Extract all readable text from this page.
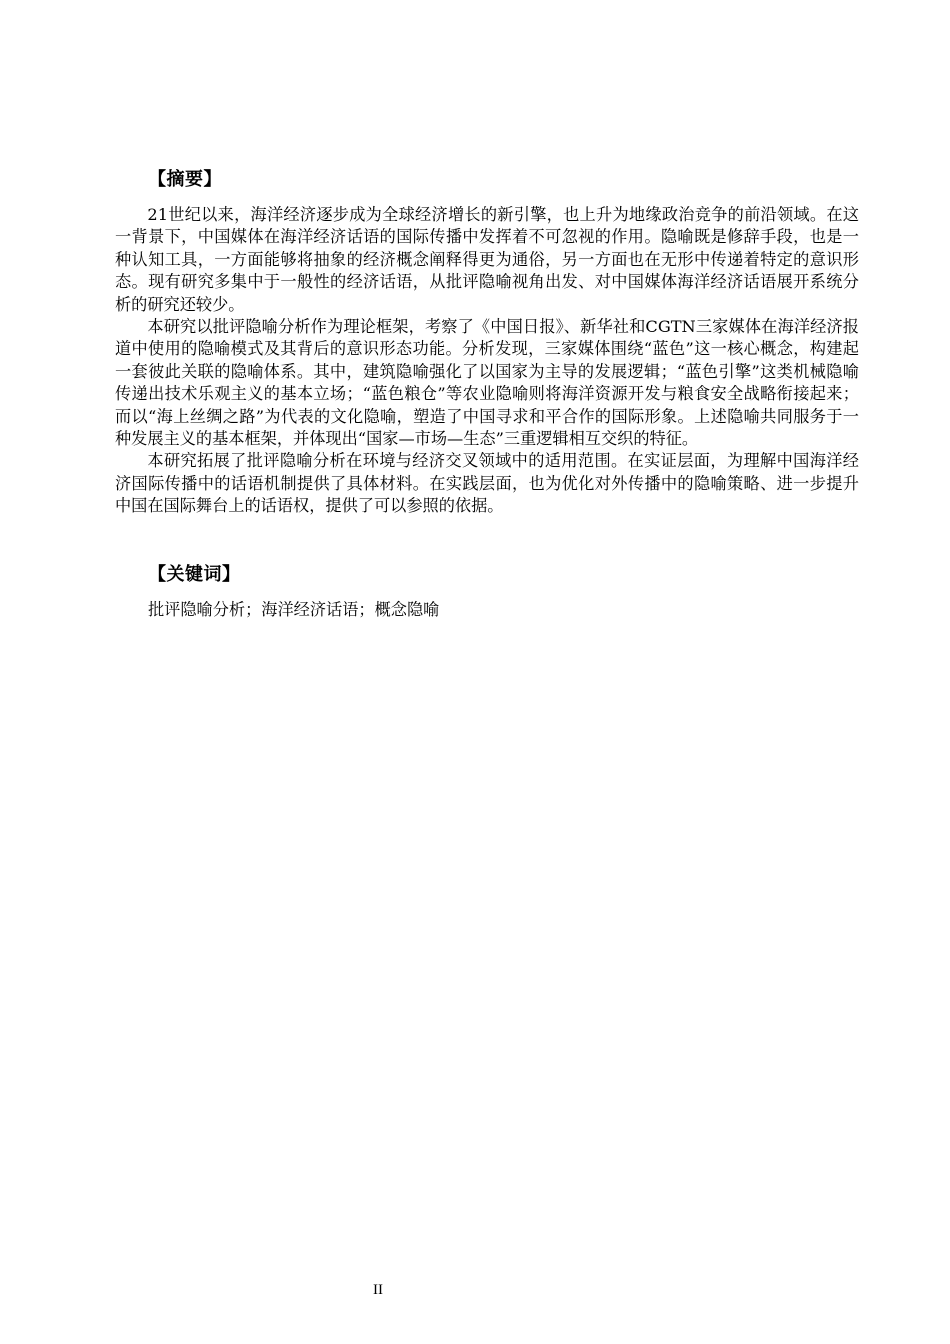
【摘要】

21世纪以来，海洋经济逐步成为全球经济增长的新引擎，也上升为地缘政治竞争的前沿领域。在这一背景下，中国媒体在海洋经济话语的国际传播中发挥着不可忽视的作用。隐喻既是修辞手段，也是一种认知工具，一方面能够将抽象的经济概念阐释得更为通俗，另一方面也在无形中传递着特定的意识形态。现有研究多集中于一般性的经济话语，从批评隐喻视角出发、对中国媒体海洋经济话语展开系统分析的研究还较少。

本研究以批评隐喻分析作为理论框架，考察了《中国日报》、新华社和CGTN三家媒体在海洋经济报道中使用的隐喻模式及其背后的意识形态功能。分析发现，三家媒体围绕“蓝色”这一核心概念，构建起一套彼此关联的隐喻体系。其中，建筑隐喻强化了以国家为主导的发展逻辑；“蓝色引擎”这类机械隐喻传递出技术乐观主义的基本立场；“蓝色粮仓”等农业隐喻则将海洋资源开发与粮食安全战略衔接起来；而以“海上丝绸之路”为代表的文化隐喻，塑造了中国寻求和平合作的国际形象。上述隐喻共同服务于一种发展主义的基本框架，并体现出“国家—市场—生态”三重逻辑相互交织的特征。

本研究拓展了批评隐喻分析在环境与经济交叉领域中的适用范围。在实证层面，为理解中国海洋经济国际传播中的话语机制提供了具体材料。在实践层面，也为优化对外传播中的隐喻策略、进一步提升中国在国际舞台上的话语权，提供了可以参照的依据。

【关键词】
批评隐喻分析；海洋经济话语；概念隐喻
II
